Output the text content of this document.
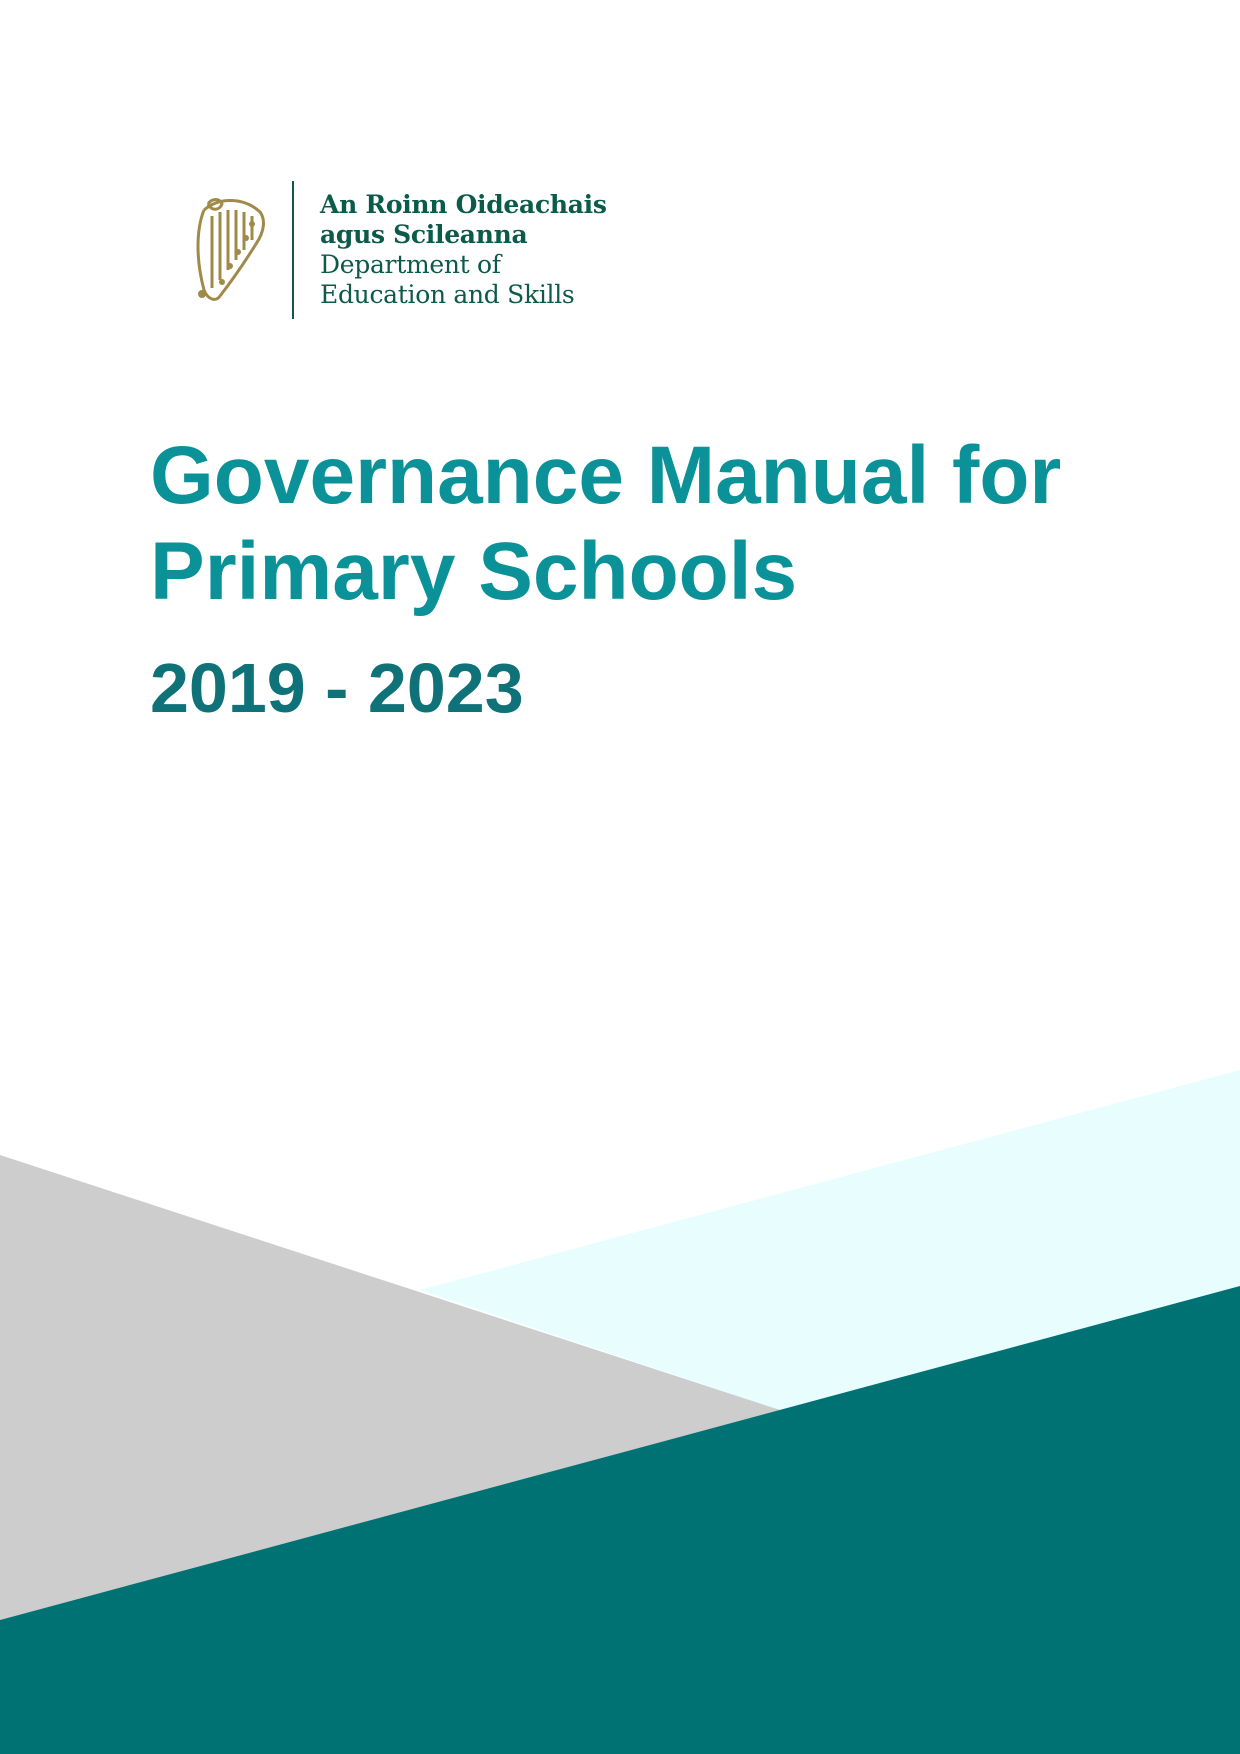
An Roinn Oideachais
agus Scileanna
Department of
Education and Skills
Governance Manual for
Primary Schools
2019 - 2023
